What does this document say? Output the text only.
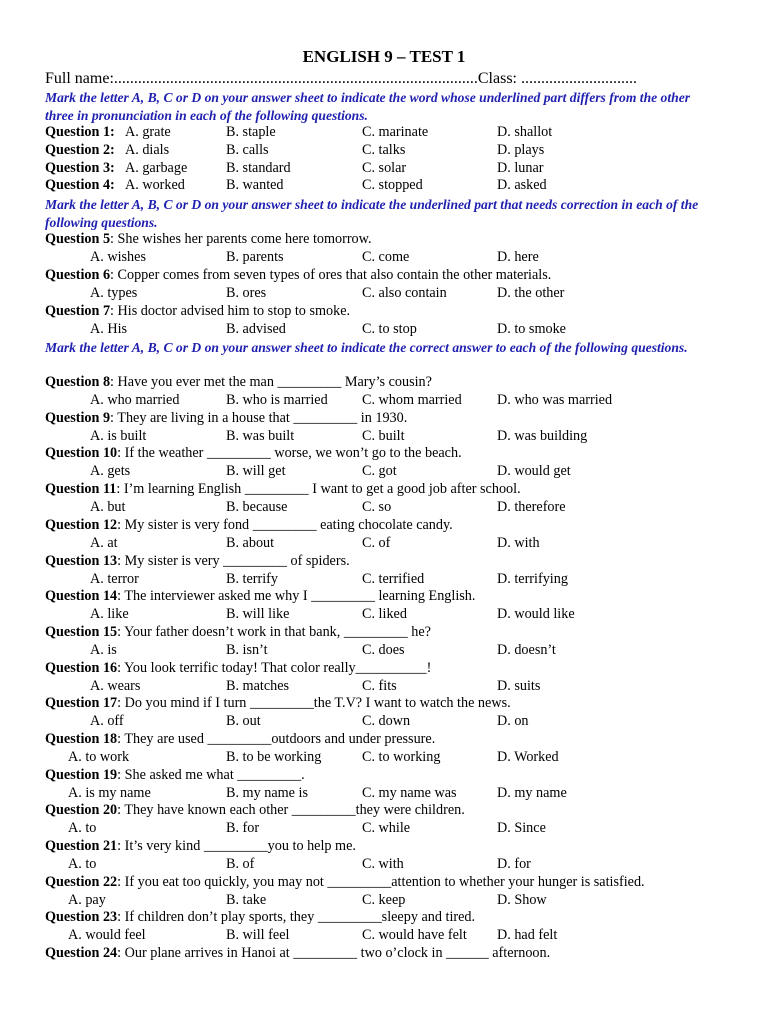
ENGLISH 9 – TEST 1
Full name:...........................................................................................Class: .............................
Mark the letter A, B, C or D on your answer sheet to indicate the word whose underlined part differs from the other three in pronunciation in each of the following questions.
Question 1: A. grate	B. staple	C. marinate	D. shallot
Question 2: A. dials	B. calls	C. talks	D. plays
Question 3: A. garbage	B. standard	C. solar	D. lunar
Question 4: A. worked	B. wanted	C. stopped	D. asked
Mark the letter A, B, C or D on your answer sheet to indicate the underlined part that needs correction in each of the following questions.
Question 5: She wishes her parents come here tomorrow.
A. wishes	B. parents	C. come	D. here
Question 6: Copper comes from seven types of ores that also contain the other materials.
A. types	B. ores	C. also contain	D. the other
Question 7: His doctor advised him to stop to smoke.
A. His	B. advised	C. to stop	D. to smoke
Mark the letter A, B, C or D on your answer sheet to indicate the correct answer to each of the following questions.
Question 8: Have you ever met the man _________ Mary’s cousin?
A. who married	B. who is married C. whom married D. who was married
Question 9: They are living in a house that _________ in 1930.
A. is built	B. was built	C. built	D. was building
Question 10: If the weather _________ worse, we won’t go to the beach.
A. gets	B. will get	C. got	D. would get
Question 11: I’m learning English _________ I want to get a good job after school.
A. but	B. because	C. so	D. therefore
Question 12: My sister is very fond _________ eating chocolate candy.
A. at	B. about	C. of	D. with
Question 13: My sister is very _________ of spiders.
A. terror	B. terrify	C. terrified	D. terrifying
Question 14: The interviewer asked me why I _________ learning English.
A. like	B. will like	C. liked	D. would like
Question 15: Your father doesn’t work in that bank, _________ he?
A. is	B. isn’t	C. does	D. doesn’t
Question 16: You look terrific today! That color really__________!
A. wears	B. matches	C. fits	D. suits
Question 17: Do you mind if I turn _________the T.V? I want to watch the news.
A. off	B. out	C. down	D. on
Question 18: They are used _________outdoors and under pressure.
A. to work	B. to be working	C. to working	D. Worked
Question 19: She asked me what _________.
A. is my name	B. my name is	C. my name was	D. my name
Question 20: They have known each other _________they were children.
A. to	B. for	C. while	D. Since
Question 21: It’s very kind _________you to help me.
A. to	B. of	C. with	D. for
Question 22: If you eat too quickly, you may not _________attention to whether your hunger is satisfied.
A. pay	B. take	C. keep	D. Show
Question 23: If children don’t play sports, they _________sleepy and tired.
A. would feel	B. will feel	C. would have felt D. had felt
Question 24: Our plane arrives in Hanoi at _________ two o’clock in ______ afternoon.
